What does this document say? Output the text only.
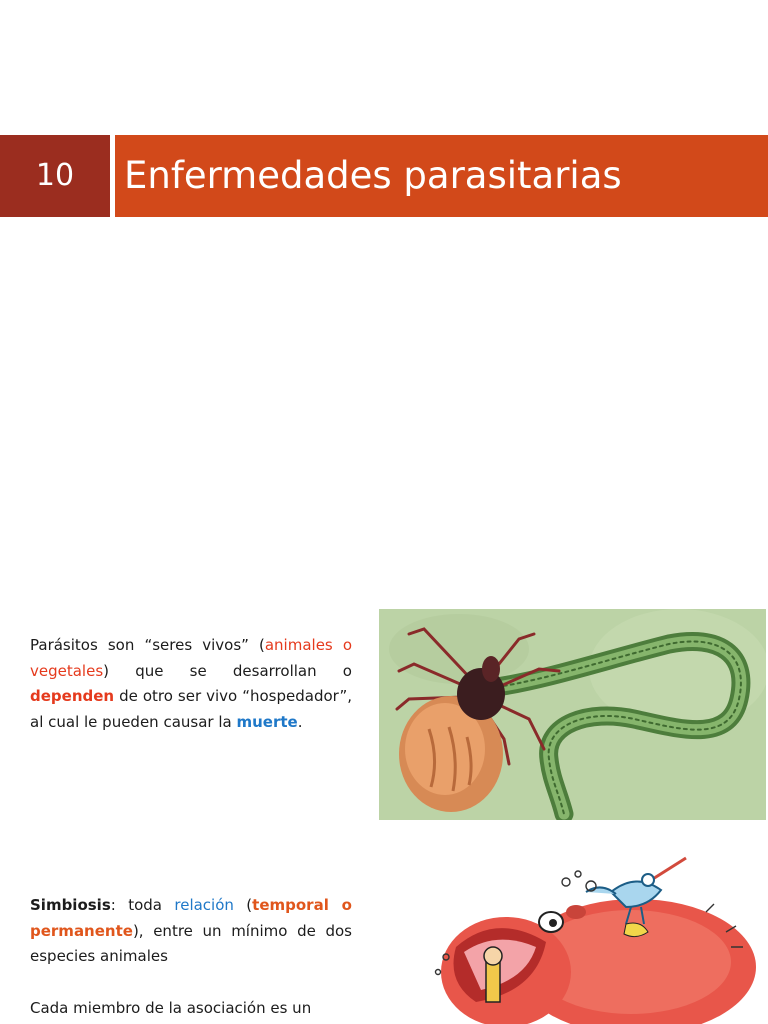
10	Enfermedades parasitarias
Parásitos son “seres vivos” (animales o vegetales) que se desarrollan o dependen de otro ser vivo “hospedador”, al cual le pueden causar la muerte.
Simbiosis: toda relación (temporal o permanente), entre un mínimo de dos especies animales
Cada miembro de la asociación es un
